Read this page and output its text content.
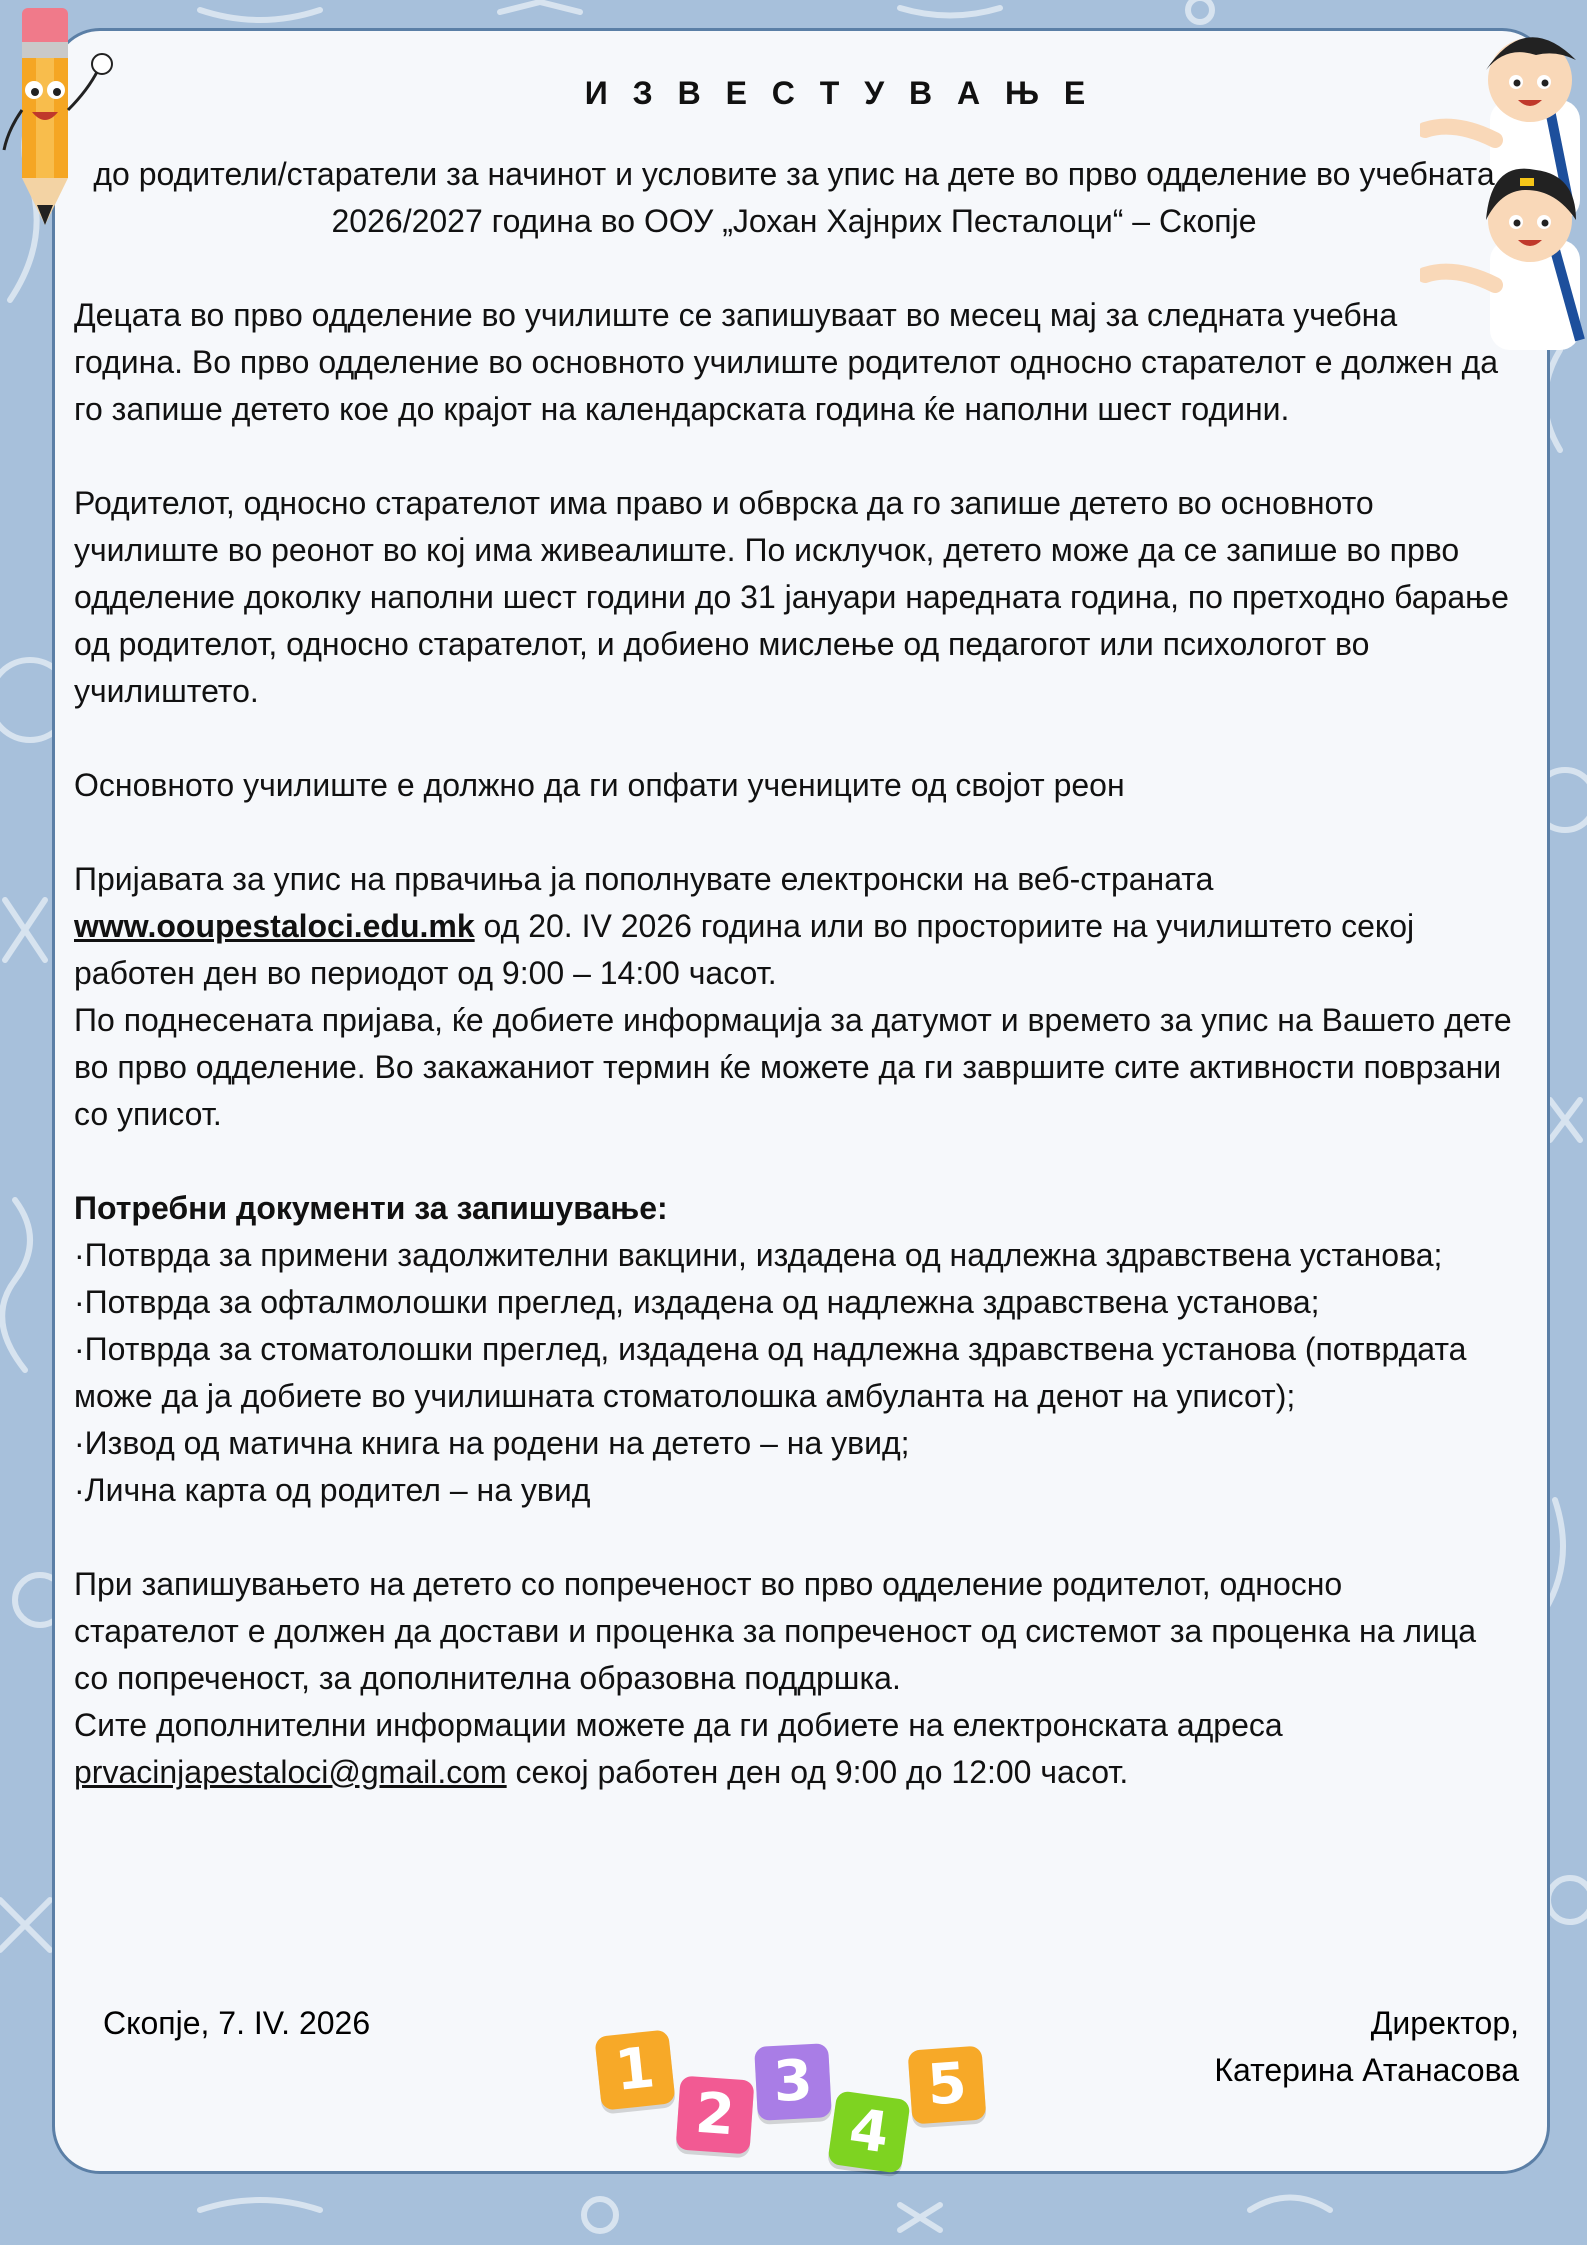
И З В Е С Т У В А Њ Е

до родители/старатели за начинот и условите за упис на дете во прво одделение во учебната 2026/2027 година во ООУ „Јохан Хајнрих Песталоци“ – Скопје

Децата во прво одделение во училиште се запишуваат во месец мај за следната учебна година. Во прво одделение во основното училиште родителот односно старателот е должен да го запише детето кое до крајот на календарската година ќе наполни шест години.

Родителот, односно старателот има право и обврска да го запише детето во основното училиште во реонот во кој има живеалиште. По исклучок, детето може да се запише во прво одделение доколку наполни шест години до 31 јануари наредната година, по претходно барање од родителот, односно старателот, и добиено мислење од педагогот или психологот во училиштето.

Основното училиште е должно да ги опфати учениците од својот реон

Пријавата за упис на првачиња ја пополнувате електронски на веб-страната
www.ooupestaloci.edu.mk од 20. IV 2026 година или во просториите на училиштето секој работен ден во периодот од 9:00 – 14:00 часот.

По поднесената пријава, ќе добиете информација за датумот и времето за упис на Вашето дете во прво одделение. Во закажаниот термин ќе можете да ги завршите сите активности поврзани со уписот.

Потребни документи за запишување:

·Потврда за примени задолжителни вакцини, издадена од надлежна здравствена установа;

·Потврда за офталмолошки преглед, издадена од надлежна здравствена установа;

·Потврда за стоматолошки преглед, издадена од надлежна здравствена установа (потврдата може да ја добиете во училишната стоматолошка амбуланта на денот на уписот);

·Извод од матична книга на родени на детето – на увид;

·Лична карта од родител – на увид

При запишувањето на детето со попреченост во прво одделение родителот, односно старателот е должен да достави и проценка за попреченост од системот за проценка на лица со попреченост, за дополнителна образовна поддршка.

Сите дополнителни информации можете да ги добиете на електронската адреса
prvacinjapestaloci@gmail.com секој работен ден од 9:00 до 12:00 часот.

Скопје, 7. IV. 2026	Директор,
Катерина Атанасова
1
2 3
4
5
